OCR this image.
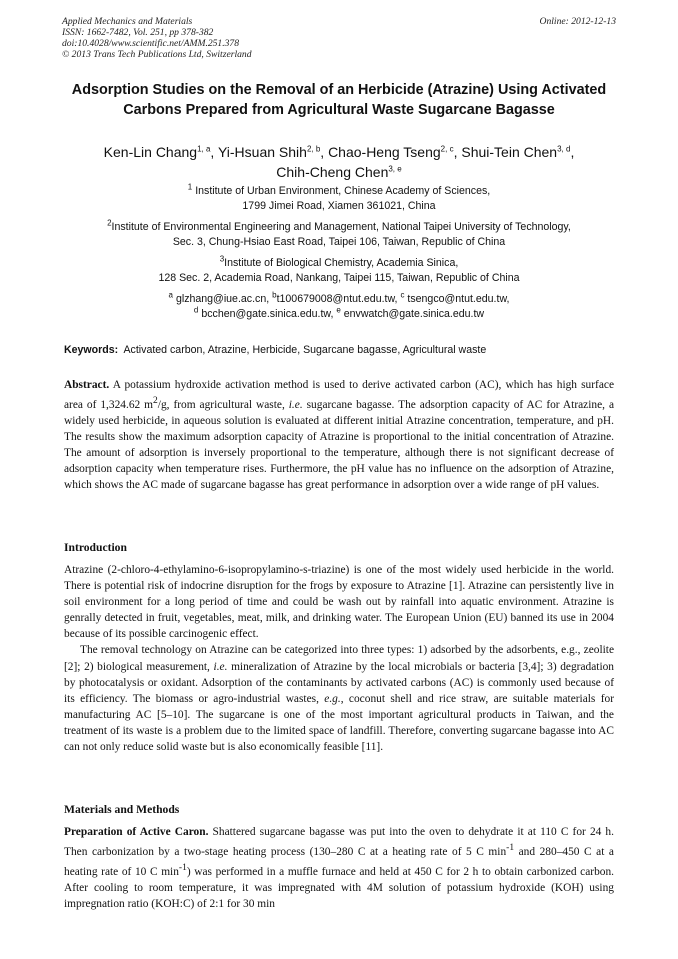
Applied Mechanics and Materials
ISSN: 1662-7482, Vol. 251, pp 378-382
doi:10.4028/www.scientific.net/AMM.251.378
© 2013 Trans Tech Publications Ltd, Switzerland
Online: 2012-12-13
Adsorption Studies on the Removal of an Herbicide (Atrazine) Using Activated Carbons Prepared from Agricultural Waste Sugarcane Bagasse
Ken-Lin Chang$^{1, a}$, Yi-Hsuan Shih$^{2, b}$, Chao-Heng Tseng$^{2, c}$, Shui-Tein Chen$^{3, d}$,
Chih-Cheng Chen$^{3, e}$
$^1$ Institute of Urban Environment, Chinese Academy of Sciences,
1799 Jimei Road, Xiamen 361021, China
$^2$Institute of Environmental Engineering and Management, National Taipei University of Technology,
Sec. 3, Chung-Hsiao East Road, Taipei 106, Taiwan, Republic of China
$^3$Institute of Biological Chemistry, Academia Sinica,
128 Sec. 2, Academia Road, Nankang, Taipei 115, Taiwan, Republic of China
$^a$ glzhang@iue.ac.cn, $^b$t100679008@ntut.edu.tw, $^c$ tsengco@ntut.edu.tw,
$^d$ bcchen@gate.sinica.edu.tw, $^e$ envwatch@gate.sinica.edu.tw
Keywords: Activated carbon, Atrazine, Herbicide, Sugarcane bagasse, Agricultural waste

Abstract. A potassium hydroxide activation method is used to derive activated carbon (AC), which has high surface area of 1,324.62 $m^2/g$, from agricultural waste, i.e. sugarcane bagasse. The adsorption capacity of AC for Atrazine, a widely used herbicide, in aqueous solution is evaluated at different initial Atrazine concentration, temperature, and pH. The results show the maximum adsorption capacity of Atrazine is proportional to the initial concentration of Atrazine. The amount of adsorption is inversely proportional to the temperature, although there is not significant decrease of adsorption capacity when temperature rises. Furthermore, the pH value has no influence on the adsorption of Atrazine, which shows the AC made of sugarcane bagasse has great performance in adsorption over a wide range of pH values.

Introduction

Atrazine (2-chloro-4-ethylamino-6-isopropylamino-s-triazine) is one of the most widely used herbicide in the world. There is potential risk of indocrine disruption for the frogs by exposure to Atrazine [1]. Atrazine can persistently live in soil environment for a long period of time and could be wash out by rainfall into aquatic environment. Atrazine is genrally detected in fruit, vegetables, meat, milk, and drinking water. The European Union (EU) banned its use in 2004 because of its possible carcinogenic effect.

The removal technology on Atrazine can be categorized into three types: 1) adsorbed by the adsorbents, e.g., zeolite [2]; 2) biological measurement, i.e. mineralization of Atrazine by the local microbials or bacteria [3,4]; 3) degradation by photocatalysis or oxidant. Adsorption of the contaminants by activated carbons (AC) is commonly used because of its efficiency. The biomass or agro-industrial wastes, e.g., coconut shell and rice straw, are suitable materials for manufacturing AC [5–10]. The sugarcane is one of the most important agricultural products in Taiwan, and the treatment of its waste is a problem due to the limited space of landfill. Therefore, converting sugarcane bagasse into AC can not only reduce solid waste but is also economically feasible [11].

Materials and Methods

Preparation of Active Caron. Shattered sugarcane bagasse was put into the oven to dehydrate it at 110 C for 24 h. Then carbonization by a two-stage heating process (130–280 C at a heating rate of 5 C $\min^{-1}$ and 280–450 C at a heating rate of 10 C $\min^{-1}$) was performed in a muffle furnace and held at 450 C for 2 h to obtain carbonized carbon. After cooling to room temperature, it was impregnated with 4M solution of potassium hydroxide (KOH) using impregnation ratio (KOH:C) of 2:1 for 30 min
